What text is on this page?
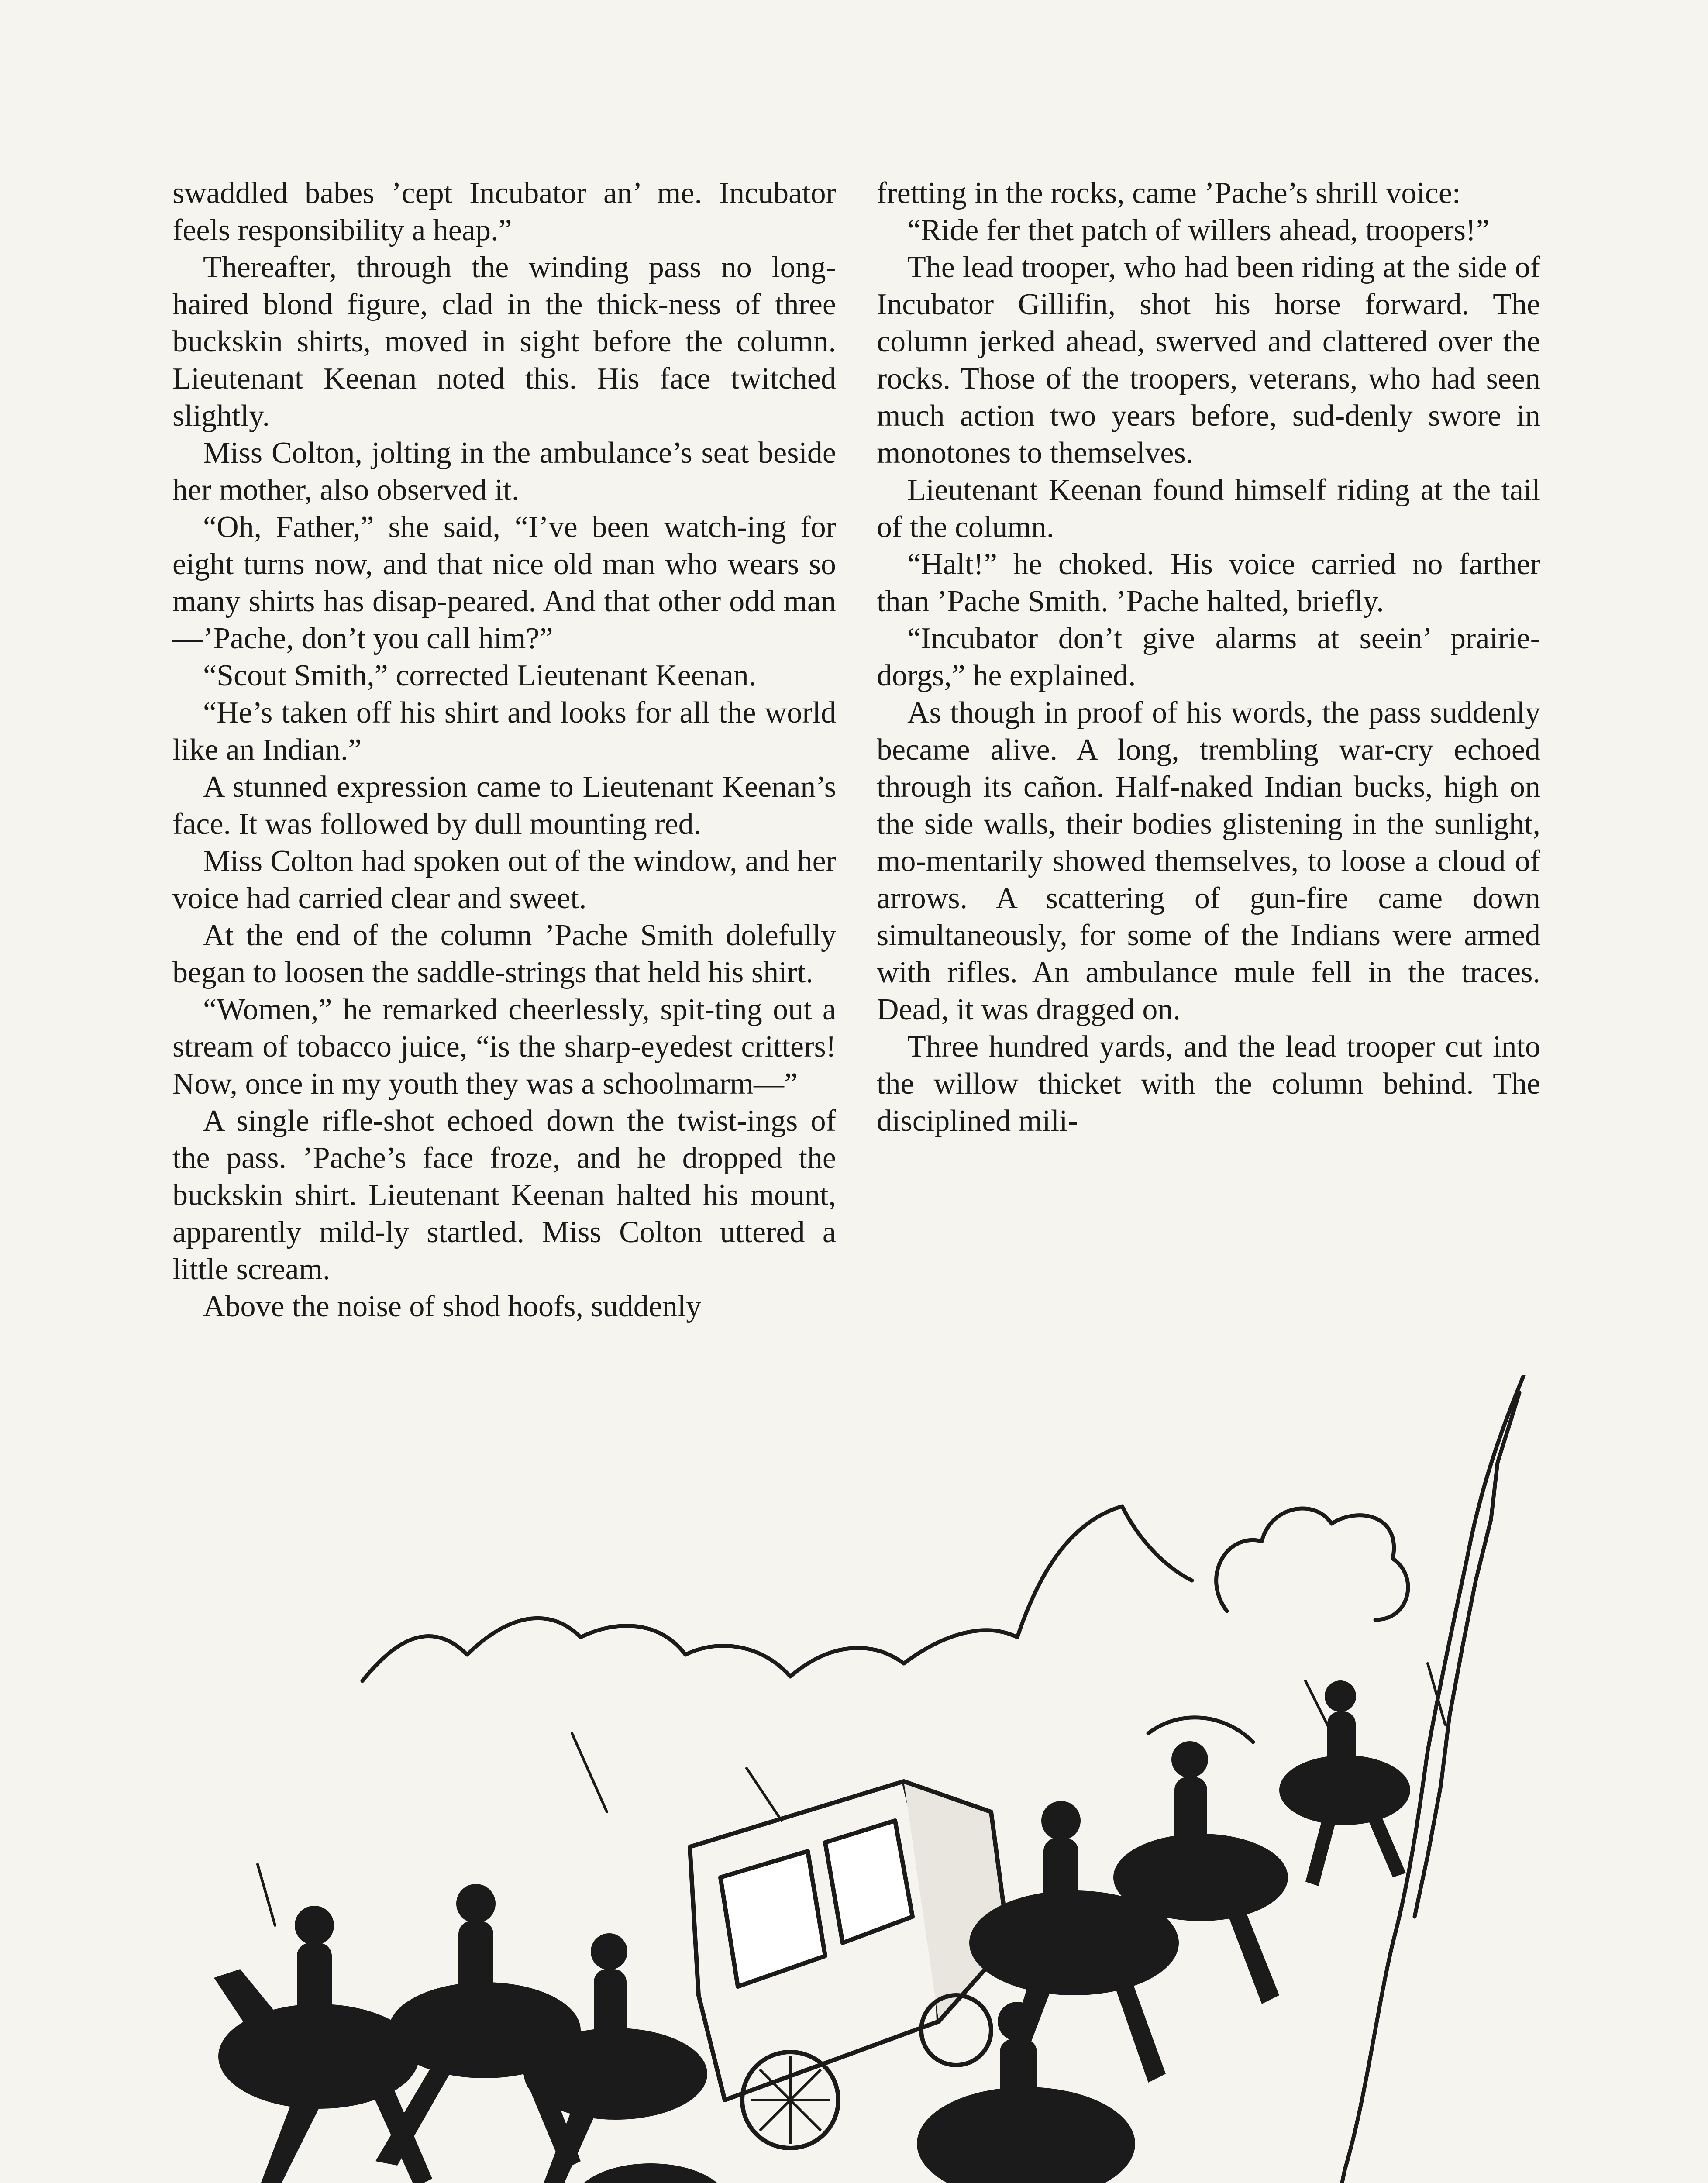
swaddled babes ’cept Incubator an’ me. Incubator feels responsibility a heap.”

Thereafter, through the winding pass no long-haired blond figure, clad in the thick-ness of three buckskin shirts, moved in sight before the column. Lieutenant Keenan noted this. His face twitched slightly.

Miss Colton, jolting in the ambulance’s seat beside her mother, also observed it.

“Oh, Father,” she said, “I’ve been watch-ing for eight turns now, and that nice old man who wears so many shirts has disap-peared. And that other odd man—’Pache, don’t you call him?”

“Scout Smith,” corrected Lieutenant Keenan.

“He’s taken off his shirt and looks for all the world like an Indian.”

A stunned expression came to Lieutenant Keenan’s face. It was followed by dull mounting red.

Miss Colton had spoken out of the window, and her voice had carried clear and sweet.

At the end of the column ’Pache Smith dolefully began to loosen the saddle-strings that held his shirt.

“Women,” he remarked cheerlessly, spit-ting out a stream of tobacco juice, “is the sharp-eyedest critters! Now, once in my youth they was a schoolmarm—”

A single rifle-shot echoed down the twist-ings of the pass. ’Pache’s face froze, and he dropped the buckskin shirt. Lieutenant Keenan halted his mount, apparently mild-ly startled. Miss Colton uttered a little scream.

Above the noise of shod hoofs, suddenly

fretting in the rocks, came ’Pache’s shrill voice:

“Ride fer thet patch of willers ahead, troopers!”

The lead trooper, who had been riding at the side of Incubator Gillifin, shot his horse forward. The column jerked ahead, swerved and clattered over the rocks. Those of the troopers, veterans, who had seen much action two years before, sud-denly swore in monotones to themselves.

Lieutenant Keenan found himself riding at the tail of the column.

“Halt!” he choked. His voice carried no farther than ’Pache Smith. ’Pache halted, briefly.

“Incubator don’t give alarms at seein’ prairie-dorgs,” he explained.

As though in proof of his words, the pass suddenly became alive. A long, trembling war-cry echoed through its cañon. Half-naked Indian bucks, high on the side walls, their bodies glistening in the sunlight, mo-mentarily showed themselves, to loose a cloud of arrows. A scattering of gun-fire came down simultaneously, for some of the Indians were armed with rifles. An ambulance mule fell in the traces. Dead, it was dragged on.

Three hundred yards, and the lead trooper cut into the willow thicket with the column behind. The disciplined mili-
